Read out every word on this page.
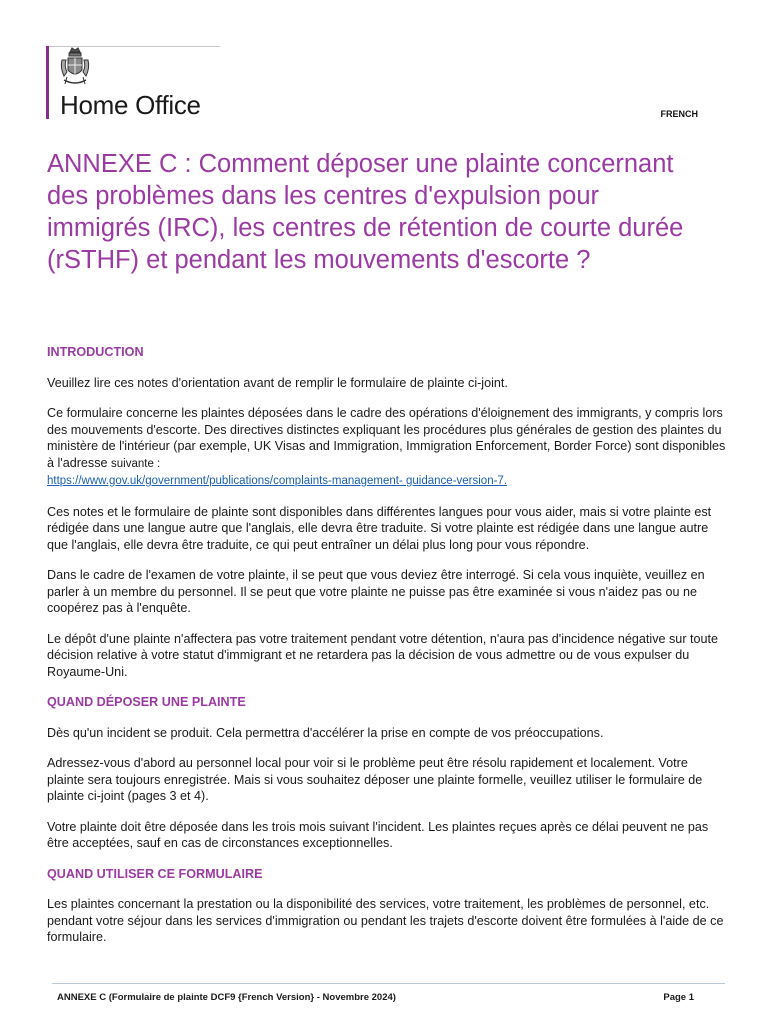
Home Office	FRENCH
ANNEXE C : Comment déposer une plainte concernant des problèmes dans les centres d'expulsion pour immigrés (IRC), les centres de rétention de courte durée (rSTHF) et pendant les mouvements d'escorte ?
INTRODUCTION

Veuillez lire ces notes d'orientation avant de remplir le formulaire de plainte ci-joint.

Ce formulaire concerne les plaintes déposées dans le cadre des opérations d'éloignement des immigrants, y compris lors des mouvements d'escorte. Des directives distinctes expliquant les procédures plus générales de gestion des plaintes du ministère de l'intérieur (par exemple, UK Visas and Immigration, Immigration Enforcement, Border Force) sont disponibles à l'adresse suivante :
https://www.gov.uk/government/publications/complaints-management- guidance-version-7.

Ces notes et le formulaire de plainte sont disponibles dans différentes langues pour vous aider, mais si votre plainte est rédigée dans une langue autre que l'anglais, elle devra être traduite. Si votre plainte est rédigée dans une langue autre que l'anglais, elle devra être traduite, ce qui peut entraîner un délai plus long pour vous répondre.

Dans le cadre de l'examen de votre plainte, il se peut que vous deviez être interrogé. Si cela vous inquiète, veuillez en parler à un membre du personnel. Il se peut que votre plainte ne puisse pas être examinée si vous n'aidez pas ou ne coopérez pas à l'enquête.

Le dépôt d'une plainte n'affectera pas votre traitement pendant votre détention, n'aura pas d'incidence négative sur toute décision relative à votre statut d'immigrant et ne retardera pas la décision de vous admettre ou de vous expulser du Royaume-Uni.

QUAND DÉPOSER UNE PLAINTE

Dès qu'un incident se produit. Cela permettra d'accélérer la prise en compte de vos préoccupations.

Adressez-vous d'abord au personnel local pour voir si le problème peut être résolu rapidement et localement. Votre plainte sera toujours enregistrée. Mais si vous souhaitez déposer une plainte formelle, veuillez utiliser le formulaire de plainte ci-joint (pages 3 et 4).

Votre plainte doit être déposée dans les trois mois suivant l'incident. Les plaintes reçues après ce délai peuvent ne pas être acceptées, sauf en cas de circonstances exceptionnelles.

QUAND UTILISER CE FORMULAIRE

Les plaintes concernant la prestation ou la disponibilité des services, votre traitement, les problèmes de personnel, etc. pendant votre séjour dans les services d'immigration ou pendant les trajets d'escorte doivent être formulées à l'aide de ce formulaire.

ANNEXE C (Formulaire de plainte DCF9 {French Version} - Novembre 2024)	Page 1
